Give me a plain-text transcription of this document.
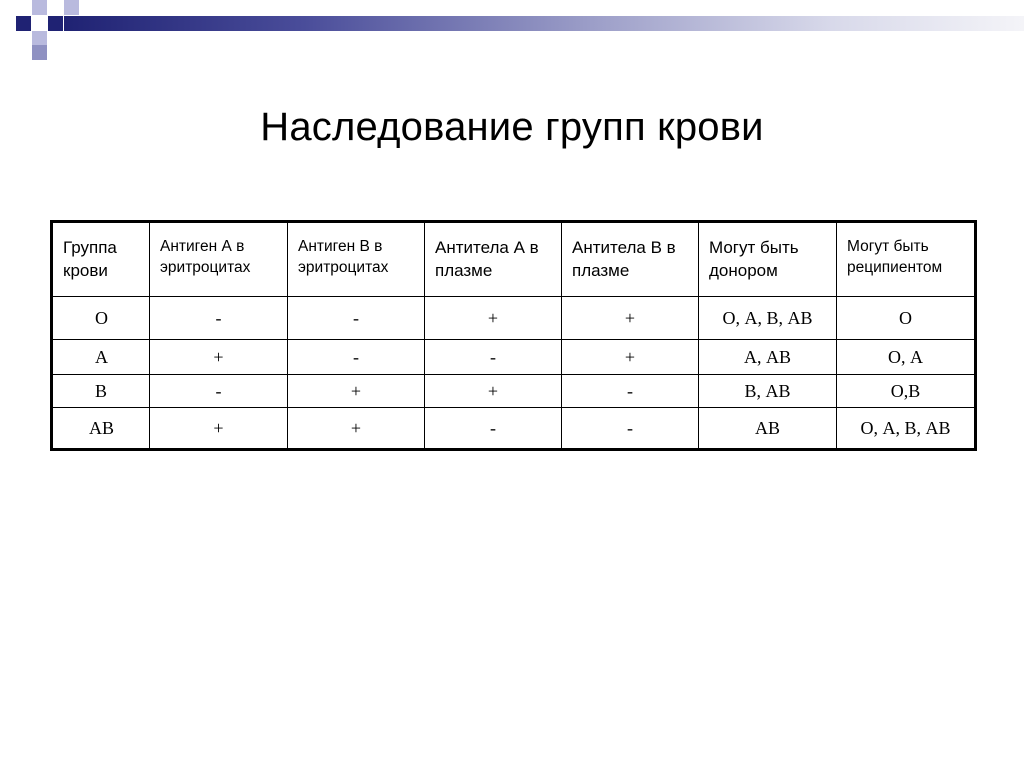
Наследование групп крови
Группа крови	Антиген А в эритроцитах	Антиген В в эритроцитах	Антитела А в плазме	Антитела В в плазме	Могут быть донором	Могут быть реципиентом
О	-	-	+	+	О, А, В, АВ	О
А	+	-	-	+	А, АВ	О, А
В	-	+	+	-	В, АВ	О,В
АВ	+	+	-	-	АВ	О, А, В, АВ
